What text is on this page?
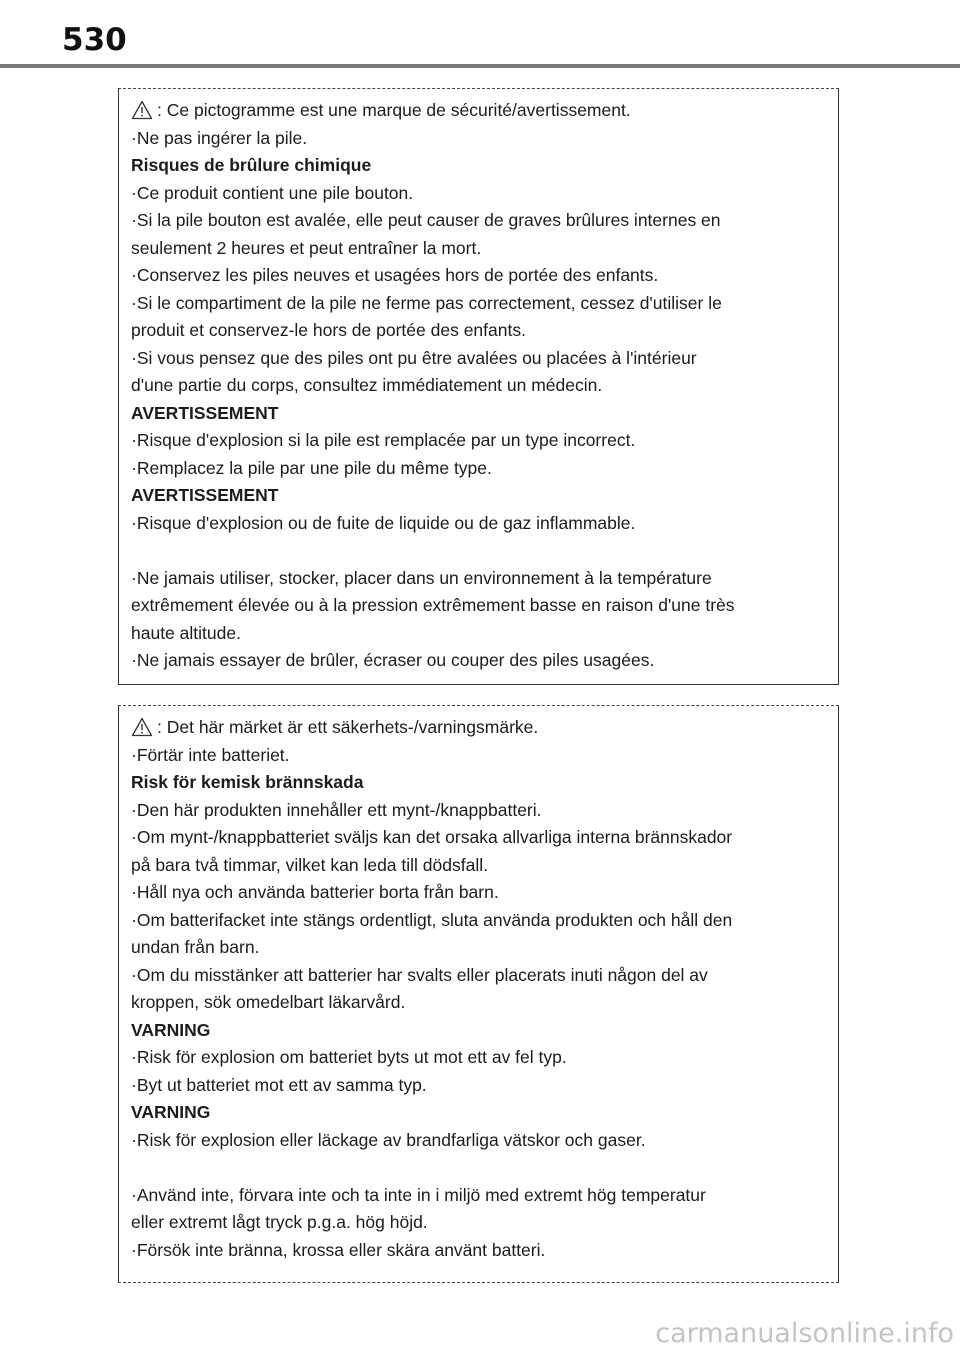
530
: Ce pictogramme est une marque de sécurité/avertissement.
·Ne pas ingérer la pile.
Risques de brûlure chimique
·Ce produit contient une pile bouton.
·Si la pile bouton est avalée, elle peut causer de graves brûlures internes en
seulement 2 heures et peut entraîner la mort.
·Conservez les piles neuves et usagées hors de portée des enfants.
·Si le compartiment de la pile ne ferme pas correctement, cessez d'utiliser le
produit et conservez-le hors de portée des enfants.
·Si vous pensez que des piles ont pu être avalées ou placées à l'intérieur
d'une partie du corps, consultez immédiatement un médecin.
AVERTISSEMENT
·Risque d'explosion si la pile est remplacée par un type incorrect.
·Remplacez la pile par une pile du même type.
AVERTISSEMENT
·Risque d'explosion ou de fuite de liquide ou de gaz inflammable.
·Ne jamais utiliser, stocker, placer dans un environnement à la température
extrêmement élevée ou à la pression extrêmement basse en raison d'une très
haute altitude.
·Ne jamais essayer de brûler, écraser ou couper des piles usagées.
: Det här märket är ett säkerhets-/varningsmärke.
·Förtär inte batteriet.
Risk för kemisk brännskada
·Den här produkten innehåller ett mynt-/knappbatteri.
·Om mynt-/knappbatteriet sväljs kan det orsaka allvarliga interna brännskador
på bara två timmar, vilket kan leda till dödsfall.
·Håll nya och använda batterier borta från barn.
·Om batterifacket inte stängs ordentligt, sluta använda produkten och håll den
undan från barn.
·Om du misstänker att batterier har svalts eller placerats inuti någon del av
kroppen, sök omedelbart läkarvård.
VARNING
·Risk för explosion om batteriet byts ut mot ett av fel typ.
·Byt ut batteriet mot ett av samma typ.
VARNING
·Risk för explosion eller läckage av brandfarliga vätskor och gaser.
·Använd inte, förvara inte och ta inte in i miljö med extremt hög temperatur
eller extremt lågt tryck p.g.a. hög höjd.
·Försök inte bränna, krossa eller skära använt batteri.
carmanualsonline.info
